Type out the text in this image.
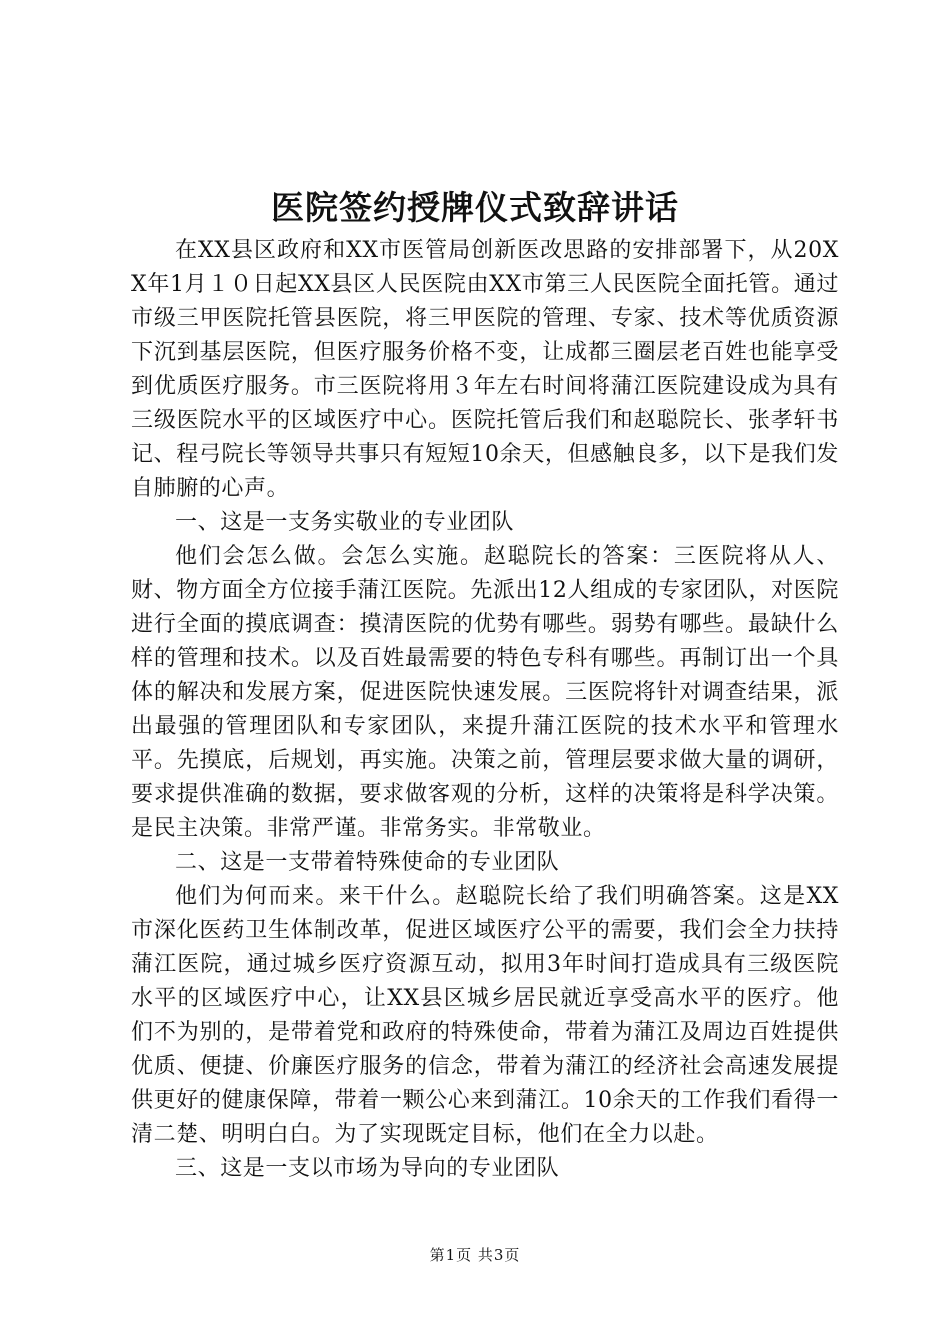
医院签约授牌仪式致辞讲话

在XX县区政府和XX市医管局创新医改思路的安排部署下，从20XX年1月１０日起XX县区人民医院由XX市第三人民医院全面托管。通过市级三甲医院托管县医院，将三甲医院的管理、专家、技术等优质资源下沉到基层医院，但医疗服务价格不变，让成都三圈层老百姓也能享受到优质医疗服务。市三医院将用３年左右时间将蒲江医院建设成为具有三级医院水平的区域医疗中心。医院托管后我们和赵聪院长、张孝轩书记、程弓院长等领导共事只有短短10余天，但感触良多，以下是我们发自肺腑的心声。

一、这是一支务实敬业的专业团队

他们会怎么做。会怎么实施。赵聪院长的答案：三医院将从人、财、物方面全方位接手蒲江医院。先派出12人组成的专家团队，对医院进行全面的摸底调查：摸清医院的优势有哪些。弱势有哪些。最缺什么样的管理和技术。以及百姓最需要的特色专科有哪些。再制订出一个具体的解决和发展方案，促进医院快速发展。三医院将针对调查结果，派出最强的管理团队和专家团队，来提升蒲江医院的技术水平和管理水平。先摸底，后规划，再实施。决策之前，管理层要求做大量的调研，要求提供准确的数据，要求做客观的分析，这样的决策将是科学决策。是民主决策。非常严谨。非常务实。非常敬业。

二、这是一支带着特殊使命的专业团队

他们为何而来。来干什么。赵聪院长给了我们明确答案。这是XX市深化医药卫生体制改革，促进区域医疗公平的需要，我们会全力扶持蒲江医院，通过城乡医疗资源互动，拟用3年时间打造成具有三级医院水平的区域医疗中心，让XX县区城乡居民就近享受高水平的医疗。他们不为别的，是带着党和政府的特殊使命，带着为蒲江及周边百姓提供优质、便捷、价廉医疗服务的信念，带着为蒲江的经济社会高速发展提供更好的健康保障，带着一颗公心来到蒲江。10余天的工作我们看得一清二楚、明明白白。为了实现既定目标，他们在全力以赴。

三、这是一支以市场为导向的专业团队

第1页 共3页
